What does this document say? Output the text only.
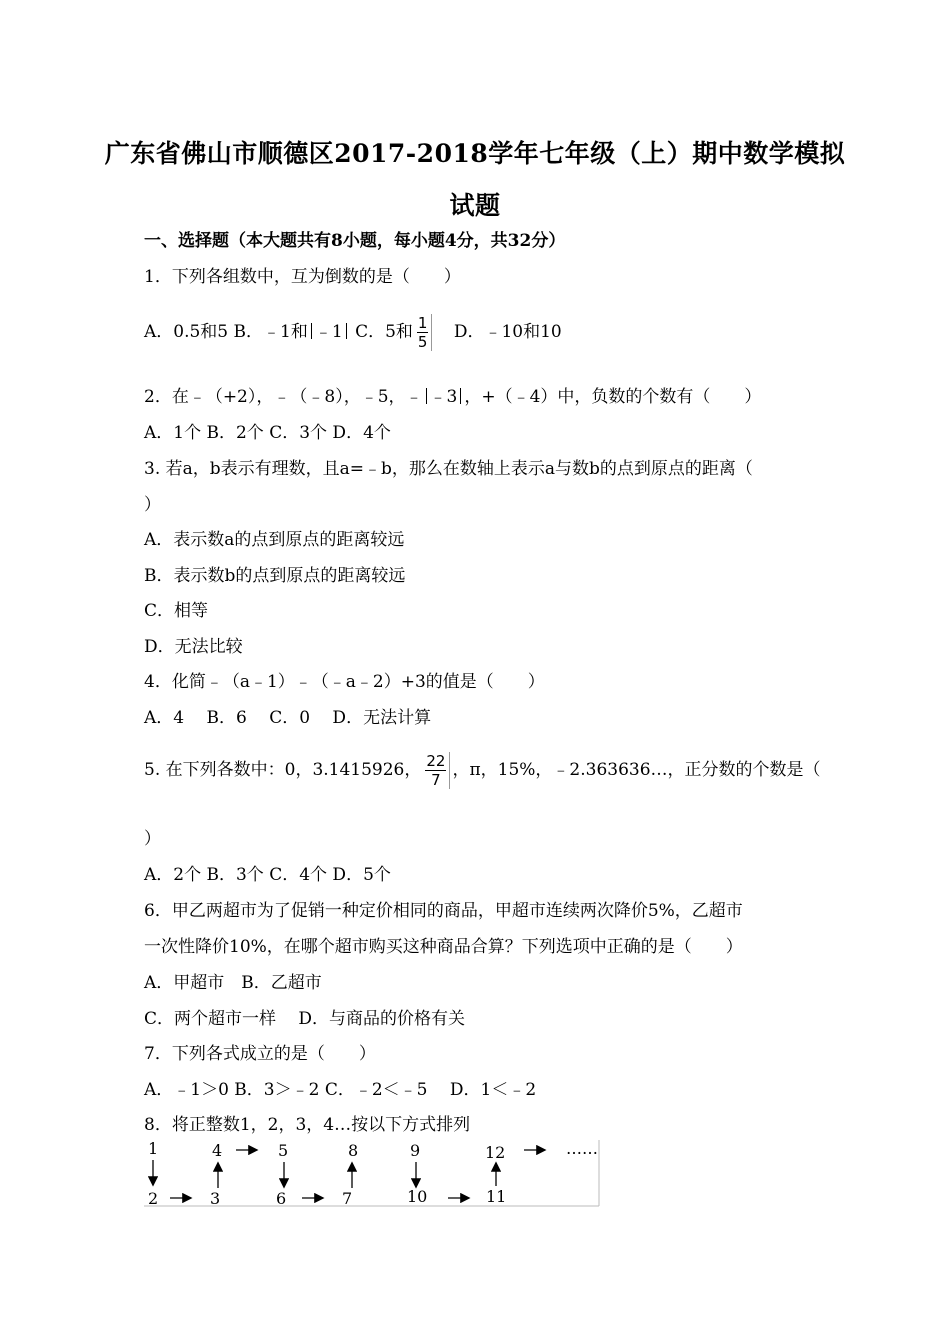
广东省佛山市顺德区2017-2018学年七年级（上）期中数学模拟
试题
一、选择题（本大题共有8小题，每小题4分，共32分）
1．下列各组数中，互为倒数的是（　　）
A．0.5和5 B．﹣1和 ﹣1 C．5和 $\frac{1}{5}$ D．﹣10和10
2．在﹣（+2），﹣（﹣8），﹣5，﹣ ﹣3 ，+（﹣4）中，负数的个数有（　　）
A．1个 B．2个 C．3个 D．4个
3. 若a，b表示有理数，且a=﹣b，那么在数轴上表示a与数b的点到原点的距离（
）
A．表示数a的点到原点的距离较远
B．表示数b的点到原点的距离较远
C．相等
D．无法比较
4．化简﹣（a﹣1）﹣（﹣a﹣2）+3的值是（　　）
A．4　 B．6　 C．0　 D．无法计算
5. 在下列各数中：0，3.1415926， $\frac{22}{7}$ ，π，15%，﹣2.363636…，正分数的个数是（
）
A．2个 B．3个 C．4个 D．5个
6．甲乙两超市为了促销一种定价相同的商品，甲超市连续两次降价5%，乙超市
一次性降价10%，在哪个超市购买这种商品合算？下列选项中正确的是（　　）
A．甲超市　B．乙超市
C．两个超市一样　 D．与商品的价格有关
7．下列各式成立的是（　　）
A．﹣1＞0 B．3＞﹣2 C．﹣2＜﹣5　 D．1＜﹣2
8．将正整数1，2，3，4…按以下方式排列
1
2	3
4	5
6	7
8	9
10	11
12	……
